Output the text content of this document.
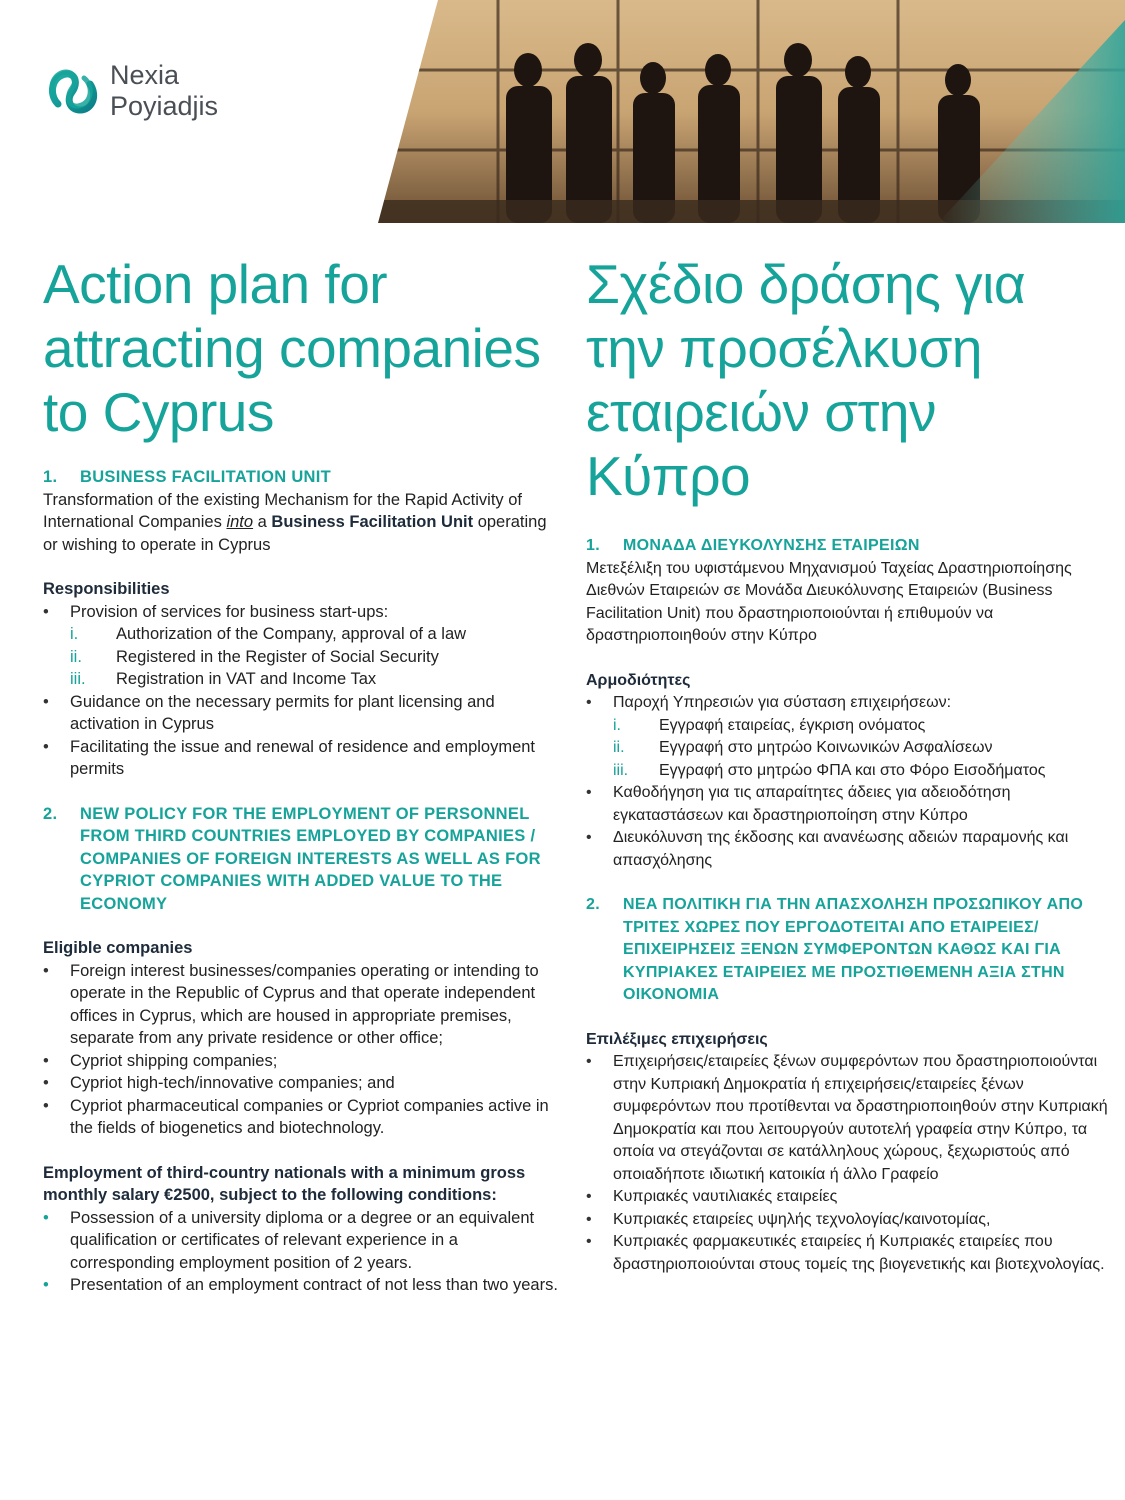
Nexia
Poyiadjis
Action plan for
attracting companies
to Cyprus
1. BUSINESS FACILITATION UNIT

Transformation of the existing Mechanism for the Rapid Activity of International Companies into a Business Facilitation Unit operating or wishing to operate in Cyprus

Responsibilities
• Provision of services for business start-ups:
i. Authorization of the Company, approval of a law
ii. Registered in the Register of Social Security
iii. Registration in VAT and Income Tax
• Guidance on the necessary permits for plant licensing and activation in Cyprus
• Facilitating the issue and renewal of residence and employment permits
2. NEW POLICY FOR THE EMPLOYMENT OF PERSONNEL FROM THIRD COUNTRIES EMPLOYED BY COMPANIES / COMPANIES OF FOREIGN INTERESTS AS WELL AS FOR CYPRIOT COMPANIES WITH ADDED VALUE TO THE ECONOMY
Eligible companies
• Foreign interest businesses/companies operating or intending to operate in the Republic of Cyprus and that operate independent offices in Cyprus, which are housed in appropriate premises, separate from any private residence or other office;
• Cypriot shipping companies;
• Cypriot high-tech/innovative companies; and
• Cypriot pharmaceutical companies or Cypriot companies active in the fields of biogenetics and biotechnology.
Employment of third-country nationals with a minimum gross monthly salary €2500, subject to the following conditions:
• Possession of a university diploma or a degree or an equivalent qualification or certificates of relevant experience in a corresponding employment position of 2 years.
• Presentation of an employment contract of not less than two years.
Σχέδιο δράσης για
την προσέλκυση
εταιρειών στην
Κύπρο
1. ΜΟΝΑΔΑ ΔΙΕΥΚΟΛΥΝΣΗΣ ΕΤΑΙΡΕΙΩΝ

Μετεξέλιξη του υφιστάμενου Μηχανισμού Ταχείας Δραστηριοποίησης Διεθνών Εταιρειών σε Μονάδα Διευκόλυνσης Εταιρειών (Business Facilitation Unit) που δραστηριοποιούνται ή επιθυμούν να δραστηριοποιηθούν στην Κύπρο

Αρμοδιότητες
• Παροχή Υπηρεσιών για σύσταση επιχειρήσεων:
i. Εγγραφή εταιρείας, έγκριση ονόματος
ii. Εγγραφή στο μητρώο Κοινωνικών Ασφαλίσεων
iii. Εγγραφή στο μητρώο ΦΠΑ και στο Φόρο Εισοδήματος
• Καθοδήγηση για τις απαραίτητες άδειες για αδειοδότηση εγκαταστάσεων και δραστηριοποίηση στην Κύπρο
• Διευκόλυνση της έκδοσης και ανανέωσης αδειών παραμονής και απασχόλησης
2. ΝΕΑ ΠΟΛΙΤΙΚΗ ΓΙΑ ΤΗΝ ΑΠΑΣΧΟΛΗΣΗ ΠΡΟΣΩΠΙΚΟΥ ΑΠΟ ΤΡΙΤΕΣ ΧΩΡΕΣ ΠΟΥ ΕΡΓΟΔΟΤΕΙΤΑΙ ΑΠΟ ΕΤΑΙΡΕΙΕΣ/ ΕΠΙΧΕΙΡΗΣΕΙΣ ΞΕΝΩΝ ΣΥΜΦΕΡΟΝΤΩΝ ΚΑΘΩΣ ΚΑΙ ΓΙΑ ΚΥΠΡΙΑΚΕΣ ΕΤΑΙΡΕΙΕΣ ΜΕ ΠΡΟΣΤΙΘΕΜΕΝΗ ΑΞΙΑ ΣΤΗΝ ΟΙΚΟΝΟΜΙΑ
Επιλέξιμες επιχειρήσεις
• Επιχειρήσεις/εταιρείες ξένων συμφερόντων που δραστηριοποιούνται στην Κυπριακή Δημοκρατία ή επιχειρήσεις/εταιρείες ξένων συμφερόντων που προτίθενται να δραστηριοποιηθούν στην Κυπριακή Δημοκρατία και που λειτουργούν αυτοτελή γραφεία στην Κύπρο, τα οποία να στεγάζονται σε κατάλληλους χώρους, ξεχωριστούς από οποιαδήποτε ιδιωτική κατοικία ή άλλο Γραφείο
• Κυπριακές ναυτιλιακές εταιρείες
• Κυπριακές εταιρείες υψηλής τεχνολογίας/καινοτομίας,
• Κυπριακές φαρμακευτικές εταιρείες ή Κυπριακές εταιρείες που δραστηριοποιούνται στους τομείς της βιογενετικής και βιοτεχνολογίας.
